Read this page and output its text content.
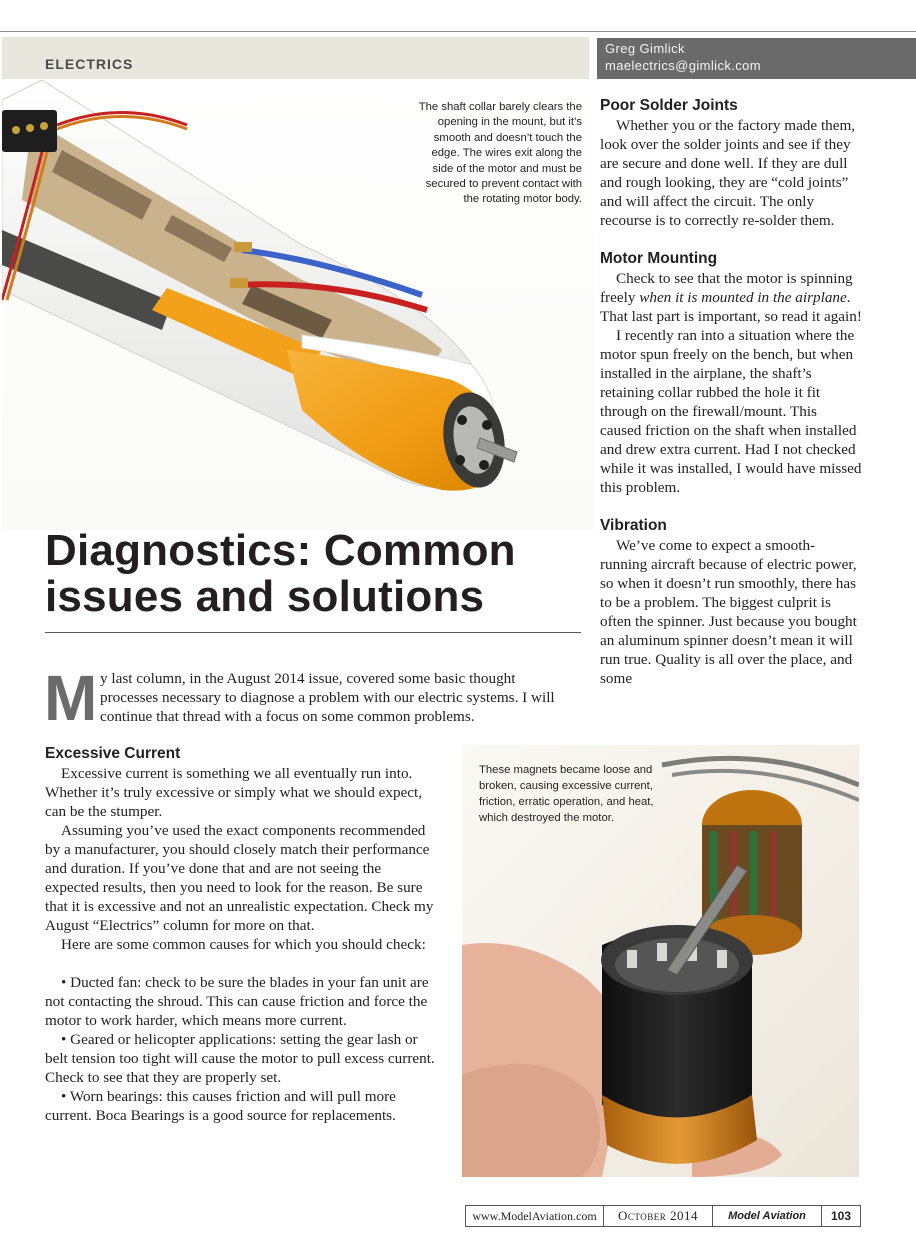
ELECTRICS
Greg Gimlick
maelectrics@gimlick.com
The shaft collar barely clears the opening in the mount, but it’s smooth and doesn’t touch the edge. The wires exit along the side of the motor and must be secured to prevent contact with the rotating motor body.
Diagnostics: Common
issues and solutions
M y last column, in the August 2014 issue, covered some basic thought
processes necessary to diagnose a problem with our electric systems. I will
continue that thread with a focus on some common problems.
Excessive Current

Excessive current is something we all eventually run into. Whether it’s truly excessive or simply what we should expect, can be the stumper.

Assuming you’ve used the exact components recommended by a manufacturer, you should closely match their performance and duration. If you’ve done that and are not seeing the expected results, then you need to look for the reason. Be sure that it is excessive and not an unrealistic expectation. Check my August “Electrics” column for more on that.

Here are some common causes for which you should check:

• Ducted fan: check to be sure the blades in your fan unit are not contacting the shroud. This can cause friction and force the motor to work harder, which means more current.

• Geared or helicopter applications: setting the gear lash or belt tension too tight will cause the motor to pull excess current. Check to see that they are properly set.

• Worn bearings: this causes friction and will pull more current. Boca Bearings is a good source for replacements.

Poor Solder Joints

Whether you or the factory made them, look over the solder joints and see if they are secure and done well. If they are dull and rough looking, they are “cold joints” and will affect the circuit. The only recourse is to correctly re-solder them.

Motor Mounting

Check to see that the motor is spinning freely when it is mounted in the airplane. That last part is important, so read it again!

I recently ran into a situation where the motor spun freely on the bench, but when installed in the airplane, the shaft’s retaining collar rubbed the hole it fit through on the firewall/mount. This caused friction on the shaft when installed and drew extra current. Had I not checked while it was installed, I would have missed this problem.

Vibration

We’ve come to expect a smooth-running aircraft because of electric power, so when it doesn’t run smoothly, there has to be a problem. The biggest culprit is often the spinner. Just because you bought an aluminum spinner doesn’t mean it will run true. Quality is all over the place, and some

These magnets became loose and broken, causing excessive current, friction, erratic operation, and heat, which destroyed the motor.
www.ModelAviation.com	October 2014	Model Aviation	103
